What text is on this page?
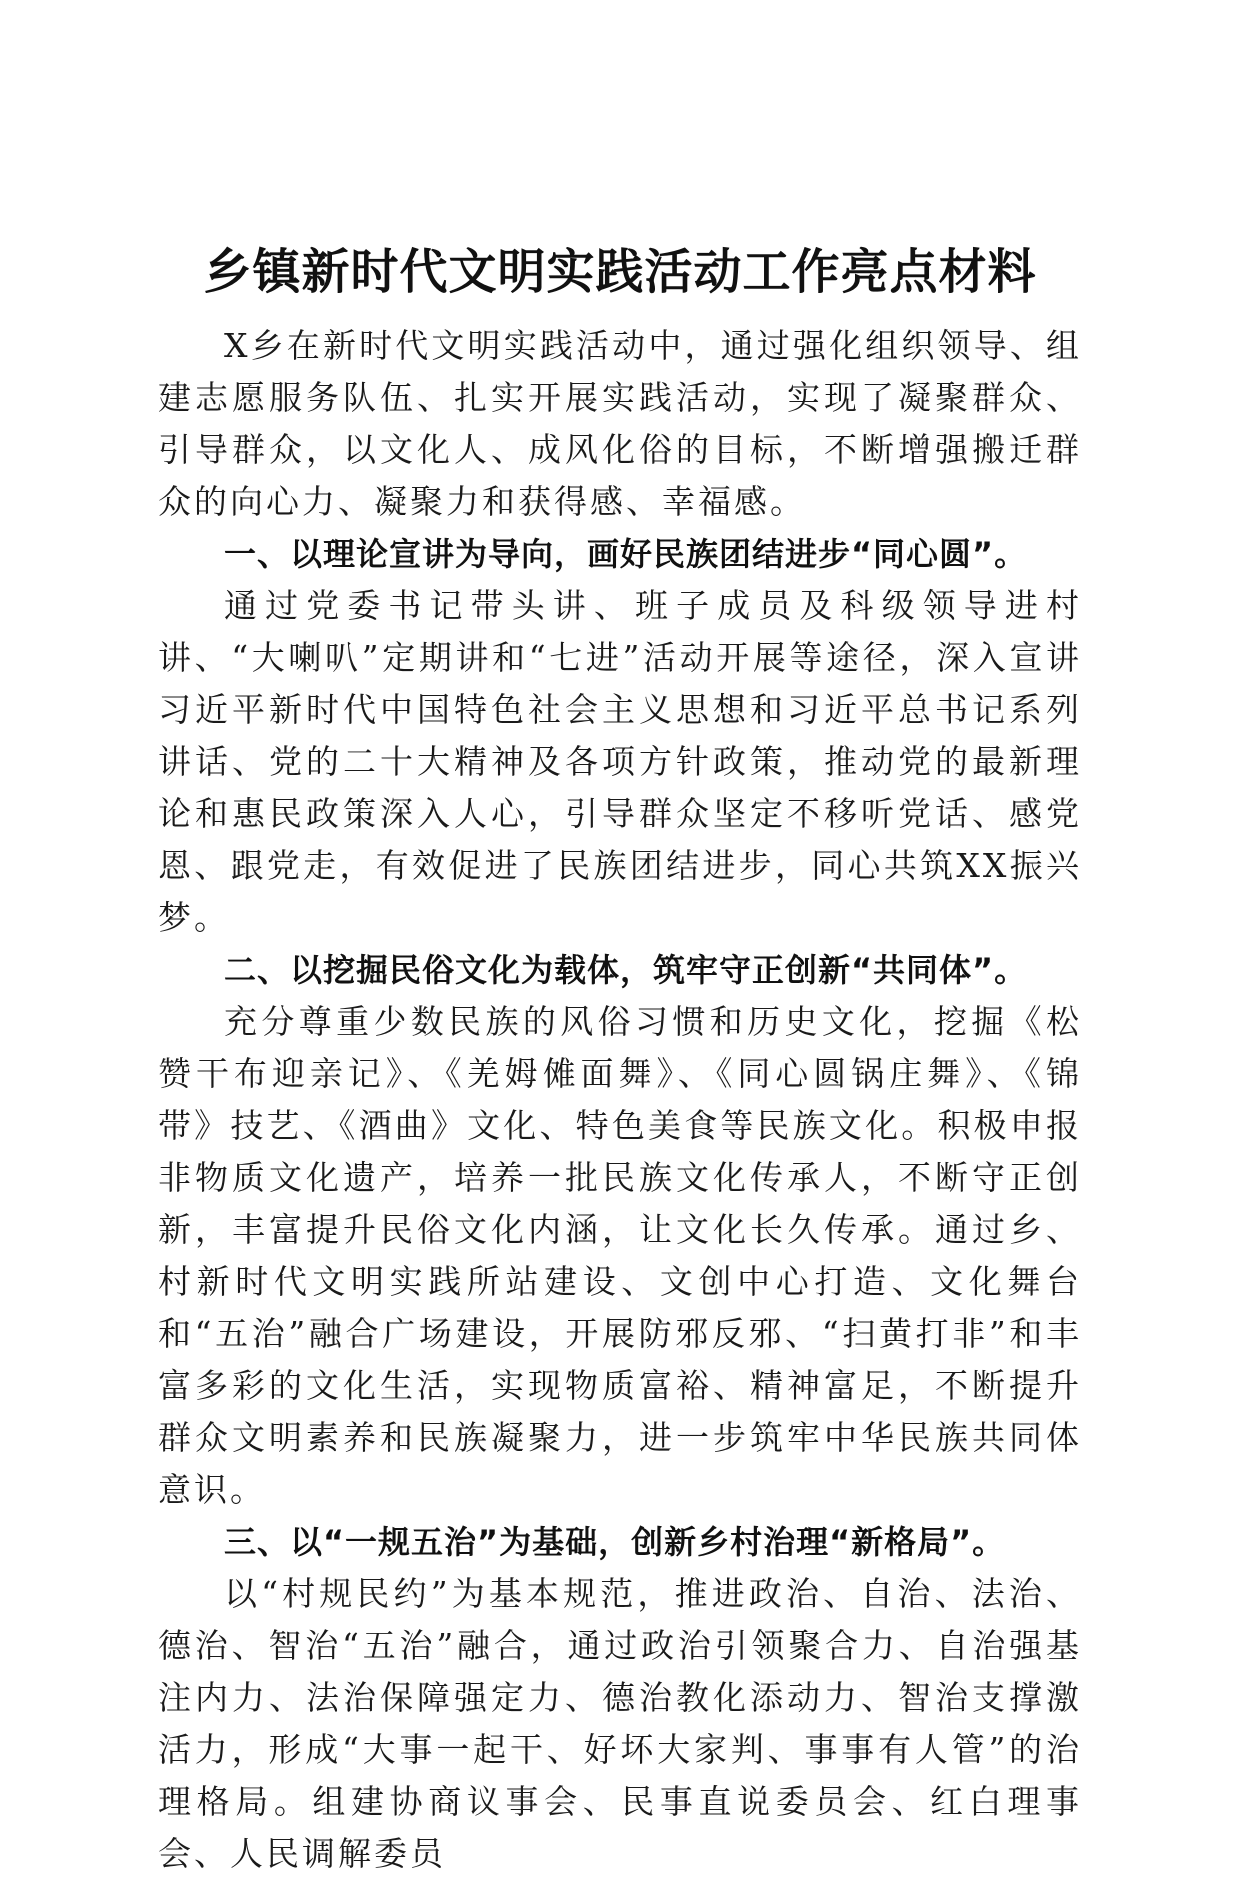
乡镇新时代文明实践活动工作亮点材料

X乡在新时代文明实践活动中，通过强化组织领导、组建志愿服务队伍、扎实开展实践活动，实现了凝聚群众、引导群众，以文化人、成风化俗的目标，不断增强搬迁群众的向心力、凝聚力和获得感、幸福感。

一、以理论宣讲为导向，画好民族团结进步“同心圆”。

通过党委书记带头讲、班子成员及科级领导进村讲、“大喇叭”定期讲和“七进”活动开展等途径，深入宣讲习近平新时代中国特色社会主义思想和习近平总书记系列讲话、党的二十大精神及各项方针政策，推动党的最新理论和惠民政策深入人心，引导群众坚定不移听党话、感党恩、跟党走，有效促进了民族团结进步，同心共筑XX振兴梦。

二、以挖掘民俗文化为载体，筑牢守正创新“共同体”。

充分尊重少数民族的风俗习惯和历史文化，挖掘《松赞干布迎亲记》、《羌姆傩面舞》、《同心圆锅庄舞》、《锦带》技艺、《酒曲》文化、特色美食等民族文化。积极申报非物质文化遗产，培养一批民族文化传承人，不断守正创新，丰富提升民俗文化内涵，让文化长久传承。通过乡、村新时代文明实践所站建设、文创中心打造、文化舞台和“五治”融合广场建设，开展防邪反邪、“扫黄打非”和丰富多彩的文化生活，实现物质富裕、精神富足，不断提升群众文明素养和民族凝聚力，进一步筑牢中华民族共同体意识。

三、以“一规五治”为基础，创新乡村治理“新格局”。

以“村规民约”为基本规范，推进政治、自治、法治、德治、智治“五治”融合，通过政治引领聚合力、自治强基注内力、法治保障强定力、德治教化添动力、智治支撑激活力，形成“大事一起干、好坏大家判、事事有人管”的治理格局。组建协商议事会、民事直说委员会、红白理事会、人民调解委员
